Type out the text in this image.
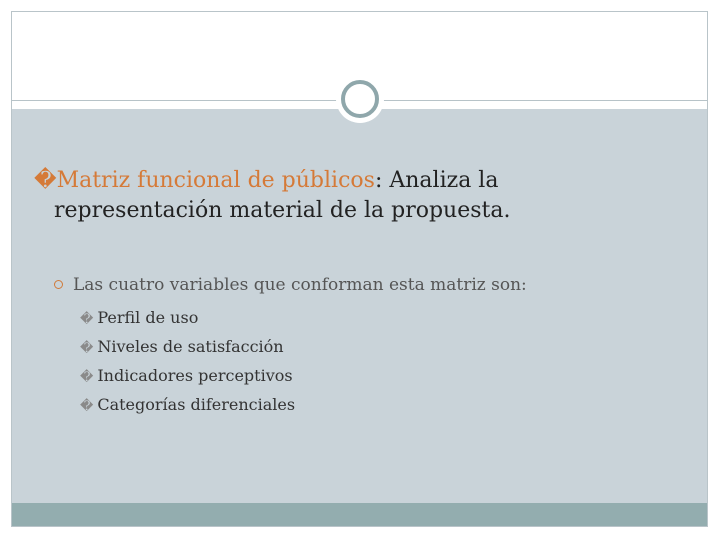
�Matriz funcional de públicos: Analiza la
representación material de la propuesta.
Las cuatro variables que conforman esta matriz son:
� Perfil de uso
� Niveles de satisfacción
� Indicadores perceptivos
� Categorías diferenciales
